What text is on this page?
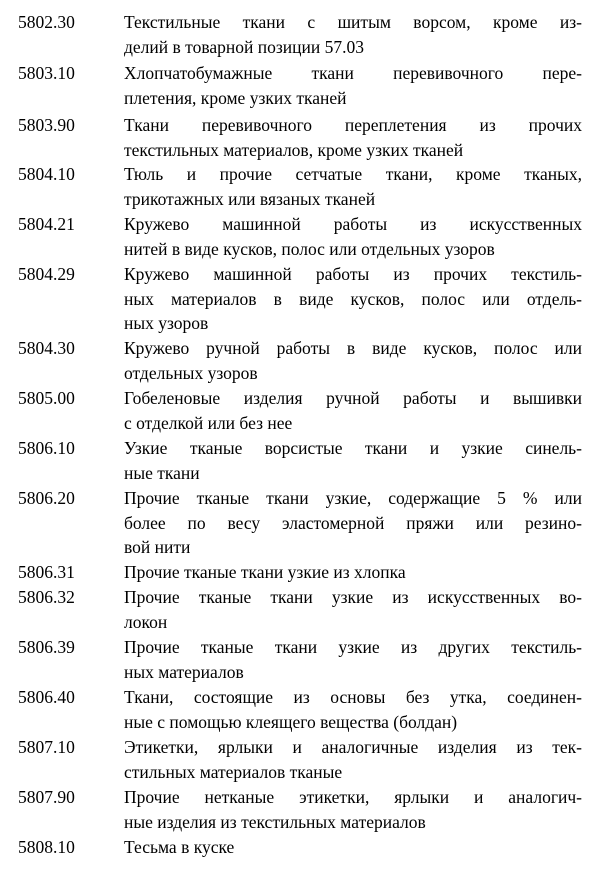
5802.30	Текстильные ткани с шитым ворсом, кроме из-
делий в товарной позиции 57.03
5803.10	Хлопчатобумажные ткани перевивочного пере-
плетения, кроме узких тканей
5803.90	Ткани перевивочного переплетения из прочих
текстильных материалов, кроме узких тканей
5804.10	Тюль и прочие сетчатые ткани, кроме тканых,
трикотажных или вязаных тканей
5804.21	Кружево машинной работы из искусственных
нитей в виде кусков, полос или отдельных узоров
5804.29	Кружево машинной работы из прочих текстиль-
ных материалов в виде кусков, полос или отдель-
ных узоров
5804.30	Кружево ручной работы в виде кусков, полос или
отдельных узоров
5805.00	Гобеленовые изделия ручной работы и вышивки
с отделкой или без нее
5806.10	Узкие тканые ворсистые ткани и узкие синель-
ные ткани
5806.20	Прочие тканые ткани узкие, содержащие 5 % или
более по весу эластомерной пряжи или резино-
вой нити
5806.31	Прочие тканые ткани узкие из хлопка
5806.32	Прочие тканые ткани узкие из искусственных во-
локон
5806.39	Прочие тканые ткани узкие из других текстиль-
ных материалов
5806.40	Ткани, состоящие из основы без утка, соединен-
ные с помощью клеящего вещества (болдан)
5807.10	Этикетки, ярлыки и аналогичные изделия из тек-
стильных материалов тканые
5807.90	Прочие нетканые этикетки, ярлыки и аналогич-
ные изделия из текстильных материалов
5808.10	Тесьма в куске
